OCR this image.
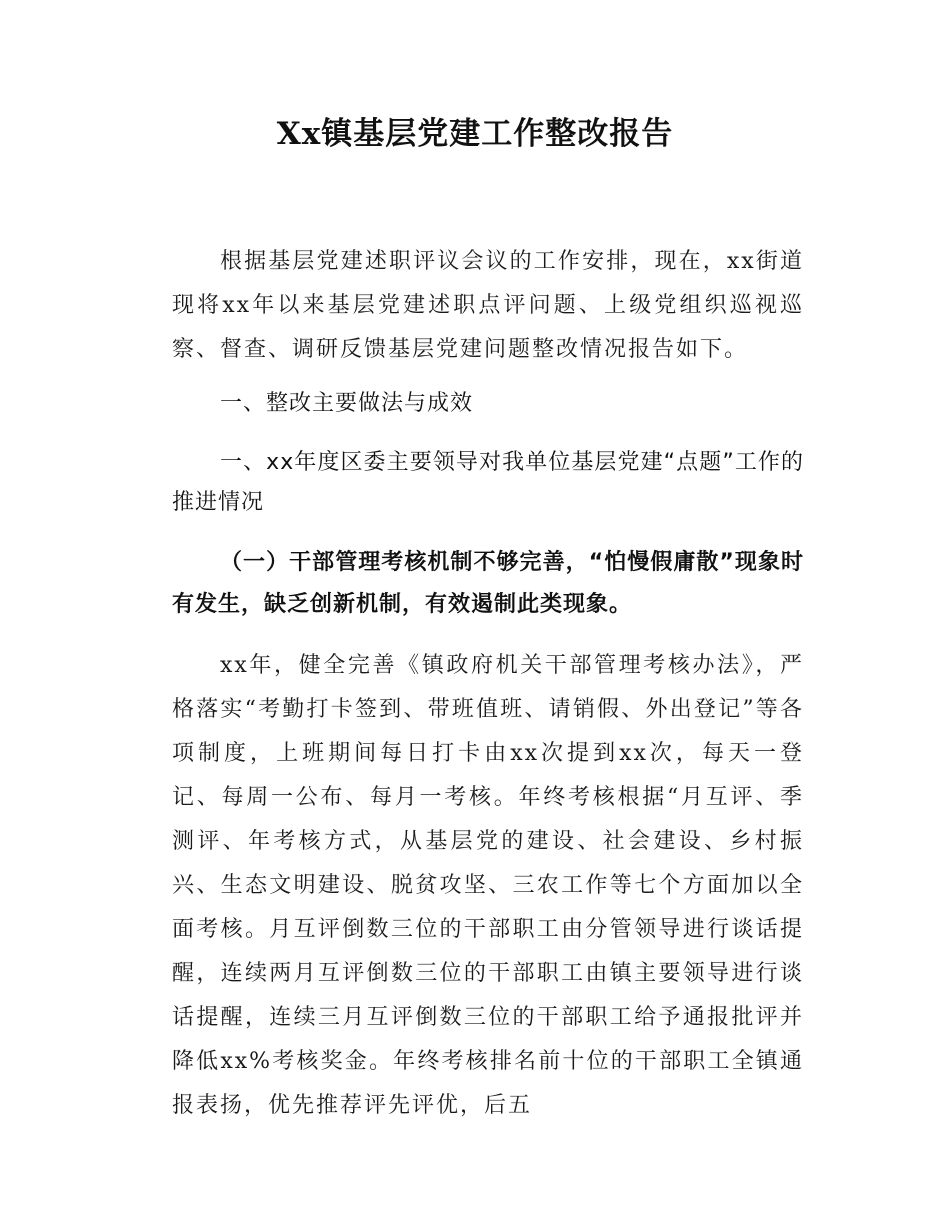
Xx镇基层党建工作整改报告

根据基层党建述职评议会议的工作安排，现在，xx街道现将xx年以来基层党建述职点评问题、上级党组织巡视巡察、督查、调研反馈基层党建问题整改情况报告如下。

一、整改主要做法与成效

一、xx年度区委主要领导对我单位基层党建“点题”工作的推进情况

（一）干部管理考核机制不够完善，“怕慢假庸散”现象时有发生，缺乏创新机制，有效遏制此类现象。

xx年，健全完善《镇政府机关干部管理考核办法》，严格落实“考勤打卡签到、带班值班、请销假、外出登记”等各项制度，上班期间每日打卡由xx次提到xx次，每天一登记、每周一公布、每月一考核。年终考核根据“月互评、季测评、年考核方式，从基层党的建设、社会建设、乡村振兴、生态文明建设、脱贫攻坚、三农工作等七个方面加以全面考核。月互评倒数三位的干部职工由分管领导进行谈话提醒，连续两月互评倒数三位的干部职工由镇主要领导进行谈话提醒，连续三月互评倒数三位的干部职工给予通报批评并降低xx%考核奖金。年终考核排名前十位的干部职工全镇通报表扬，优先推荐评先评优，后五
